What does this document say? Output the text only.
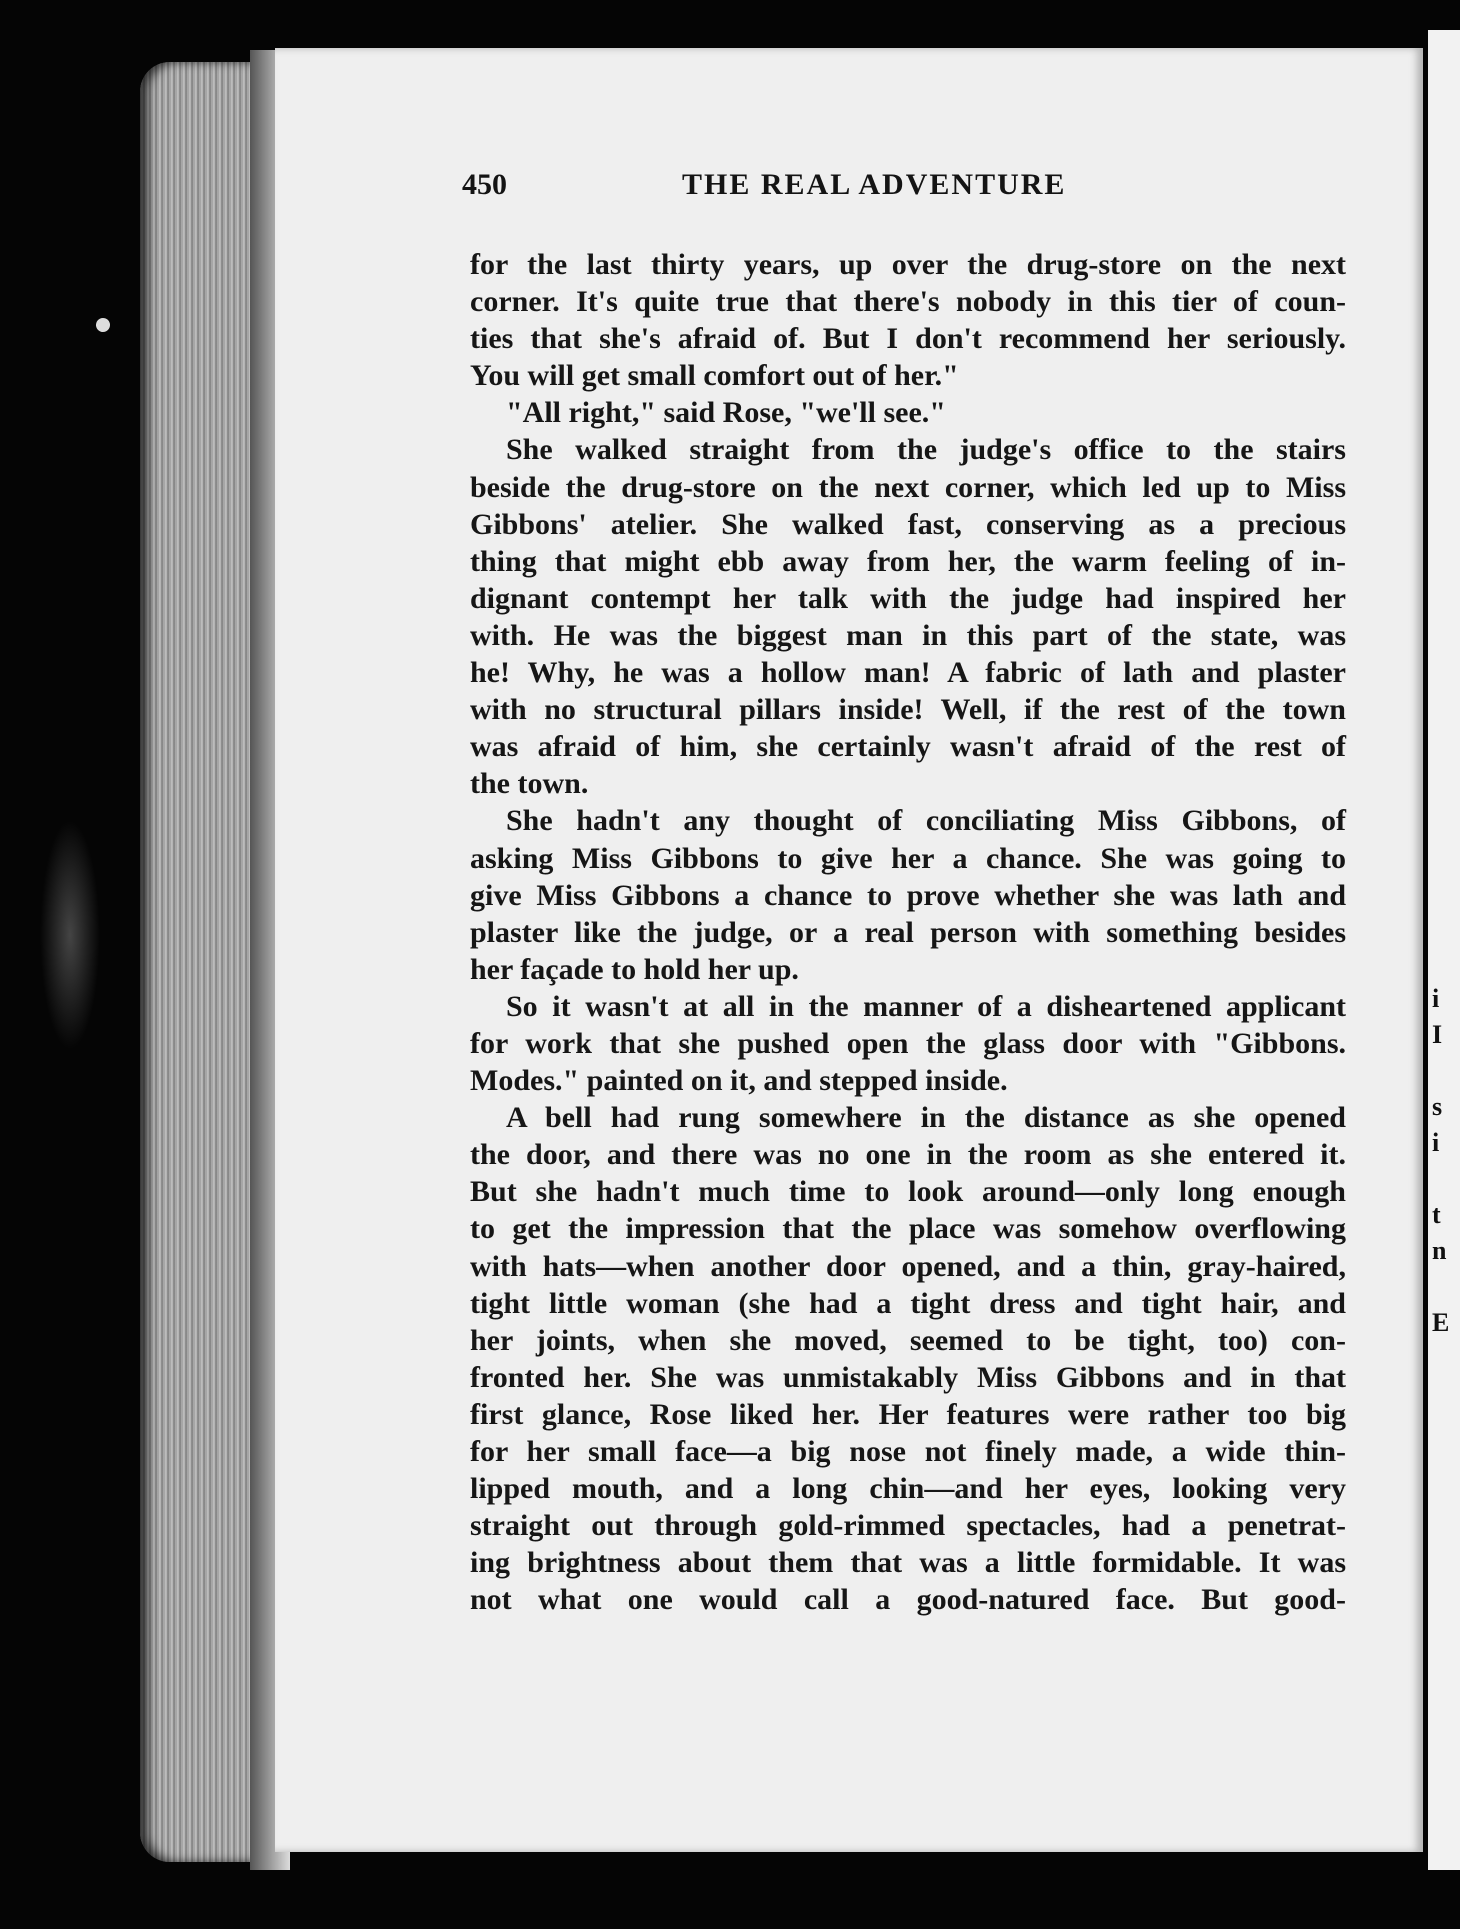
i
I
s
i
t
n
E
450	THE REAL ADVENTURE
for the last thirty years, up over the drug-store on the next
corner. It's quite true that there's nobody in this tier of coun-
ties that she's afraid of. But I don't recommend her seriously.
You will get small comfort out of her."
"All right," said Rose, "we'll see."
She walked straight from the judge's office to the stairs
beside the drug-store on the next corner, which led up to Miss
Gibbons' atelier. She walked fast, conserving as a precious
thing that might ebb away from her, the warm feeling of in-
dignant contempt her talk with the judge had inspired her
with. He was the biggest man in this part of the state, was
he! Why, he was a hollow man! A fabric of lath and plaster
with no structural pillars inside! Well, if the rest of the town
was afraid of him, she certainly wasn't afraid of the rest of
the town.
She hadn't any thought of conciliating Miss Gibbons, of
asking Miss Gibbons to give her a chance. She was going to
give Miss Gibbons a chance to prove whether she was lath and
plaster like the judge, or a real person with something besides
her façade to hold her up.
So it wasn't at all in the manner of a disheartened applicant
for work that she pushed open the glass door with "Gibbons.
Modes." painted on it, and stepped inside.
A bell had rung somewhere in the distance as she opened
the door, and there was no one in the room as she entered it.
But she hadn't much time to look around—only long enough
to get the impression that the place was somehow overflowing
with hats—when another door opened, and a thin, gray-haired,
tight little woman (she had a tight dress and tight hair, and
her joints, when she moved, seemed to be tight, too) con-
fronted her. She was unmistakably Miss Gibbons and in that
first glance, Rose liked her. Her features were rather too big
for her small face—a big nose not finely made, a wide thin-
lipped mouth, and a long chin—and her eyes, looking very
straight out through gold-rimmed spectacles, had a penetrat-
ing brightness about them that was a little formidable. It was
not what one would call a good-natured face. But good-
